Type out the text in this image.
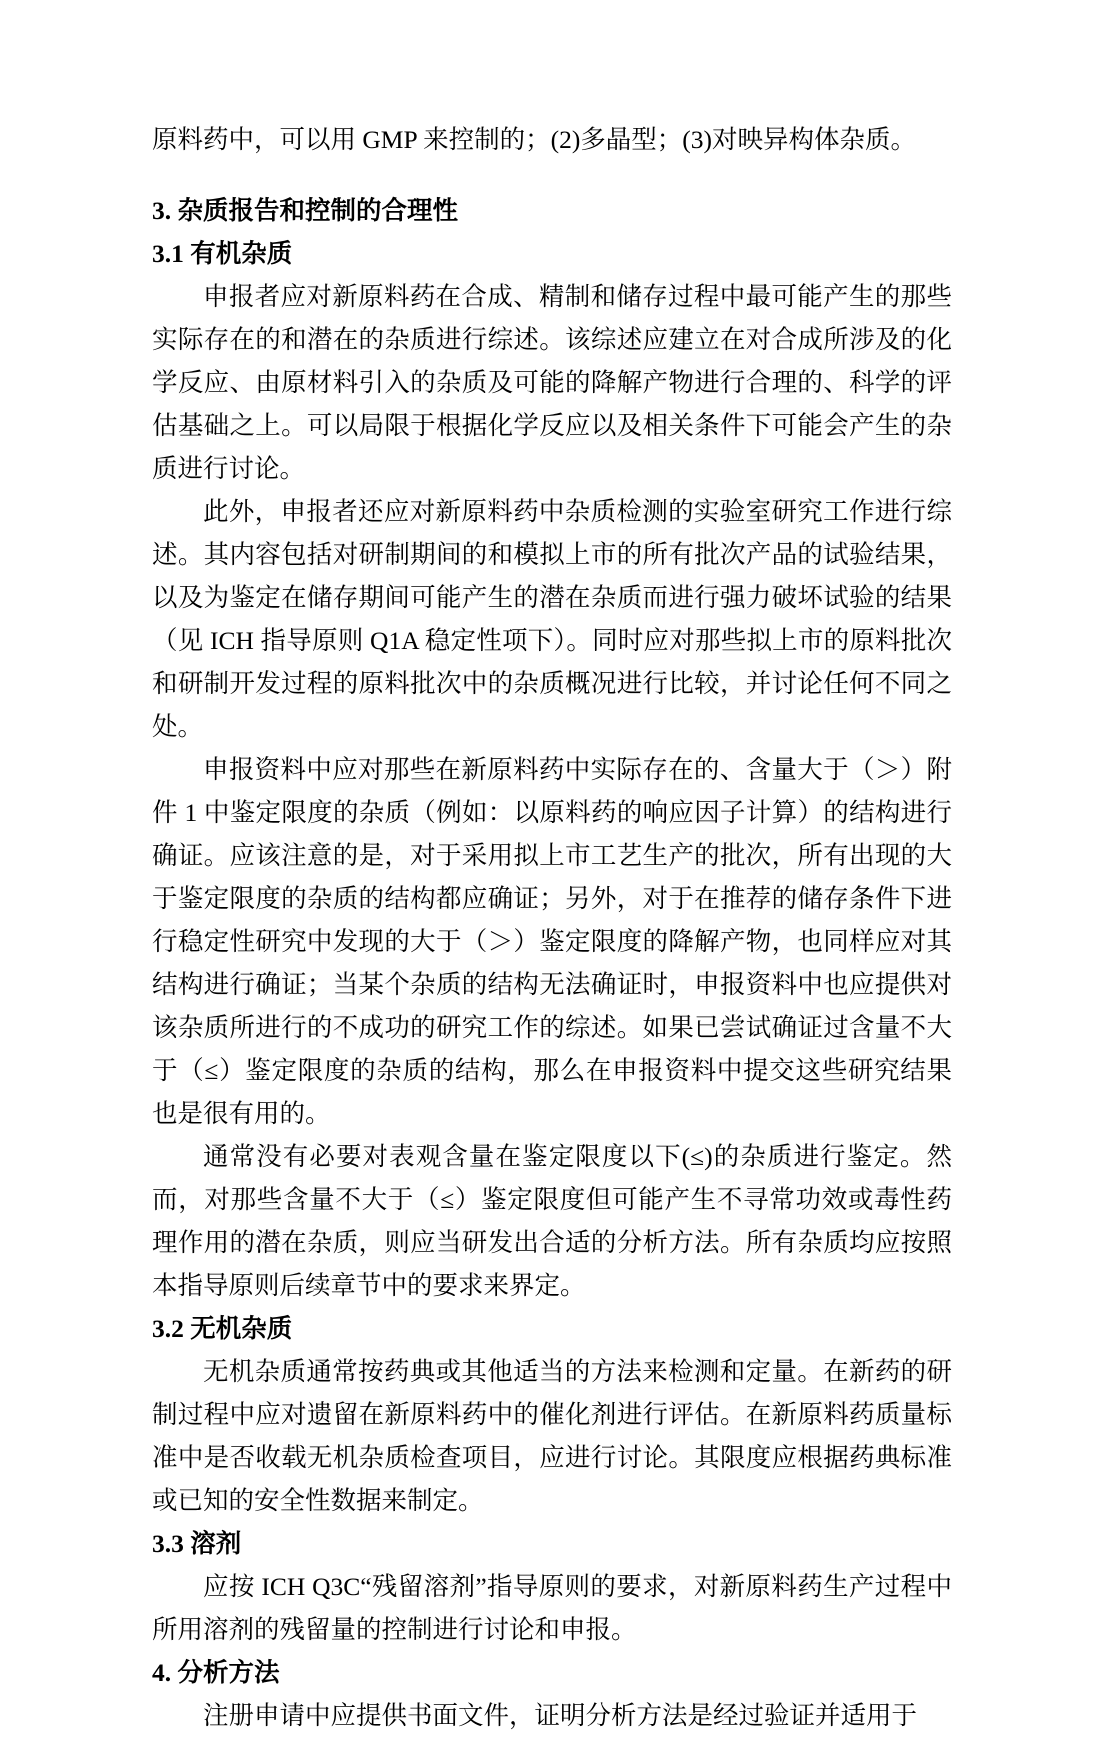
原料药中，可以用 GMP 来控制的；(2)多晶型；(3)对映异构体杂质。

3. 杂质报告和控制的合理性
3.1 有机杂质

申报者应对新原料药在合成、精制和储存过程中最可能产生的那些实际存在的和潜在的杂质进行综述。该综述应建立在对合成所涉及的化学反应、由原材料引入的杂质及可能的降解产物进行合理的、科学的评估基础之上。可以局限于根据化学反应以及相关条件下可能会产生的杂质进行讨论。

此外，申报者还应对新原料药中杂质检测的实验室研究工作进行综述。其内容包括对研制期间的和模拟上市的所有批次产品的试验结果，以及为鉴定在储存期间可能产生的潜在杂质而进行强力破坏试验的结果（见 ICH 指导原则 Q1A 稳定性项下）。同时应对那些拟上市的原料批次和研制开发过程的原料批次中的杂质概况进行比较，并讨论任何不同之处。

申报资料中应对那些在新原料药中实际存在的、含量大于（＞）附件 1 中鉴定限度的杂质（例如：以原料药的响应因子计算）的结构进行确证。应该注意的是，对于采用拟上市工艺生产的批次，所有出现的大于鉴定限度的杂质的结构都应确证；另外，对于在推荐的储存条件下进行稳定性研究中发现的大于（＞）鉴定限度的降解产物，也同样应对其结构进行确证；当某个杂质的结构无法确证时，申报资料中也应提供对该杂质所进行的不成功的研究工作的综述。如果已尝试确证过含量不大于（≤）鉴定限度的杂质的结构，那么在申报资料中提交这些研究结果也是很有用的。

通常没有必要对表观含量在鉴定限度以下(≤)的杂质进行鉴定。然而，对那些含量不大于（≤）鉴定限度但可能产生不寻常功效或毒性药理作用的潜在杂质，则应当研发出合适的分析方法。所有杂质均应按照本指导原则后续章节中的要求来界定。

3.2 无机杂质

无机杂质通常按药典或其他适当的方法来检测和定量。在新药的研制过程中应对遗留在新原料药中的催化剂进行评估。在新原料药质量标准中是否收载无机杂质检查项目，应进行讨论。其限度应根据药典标准或已知的安全性数据来制定。

3.3 溶剂

应按 ICH Q3C“残留溶剂”指导原则的要求，对新原料药生产过程中所用溶剂的残留量的控制进行讨论和申报。

4. 分析方法

注册申请中应提供书面文件，证明分析方法是经过验证并适用于
